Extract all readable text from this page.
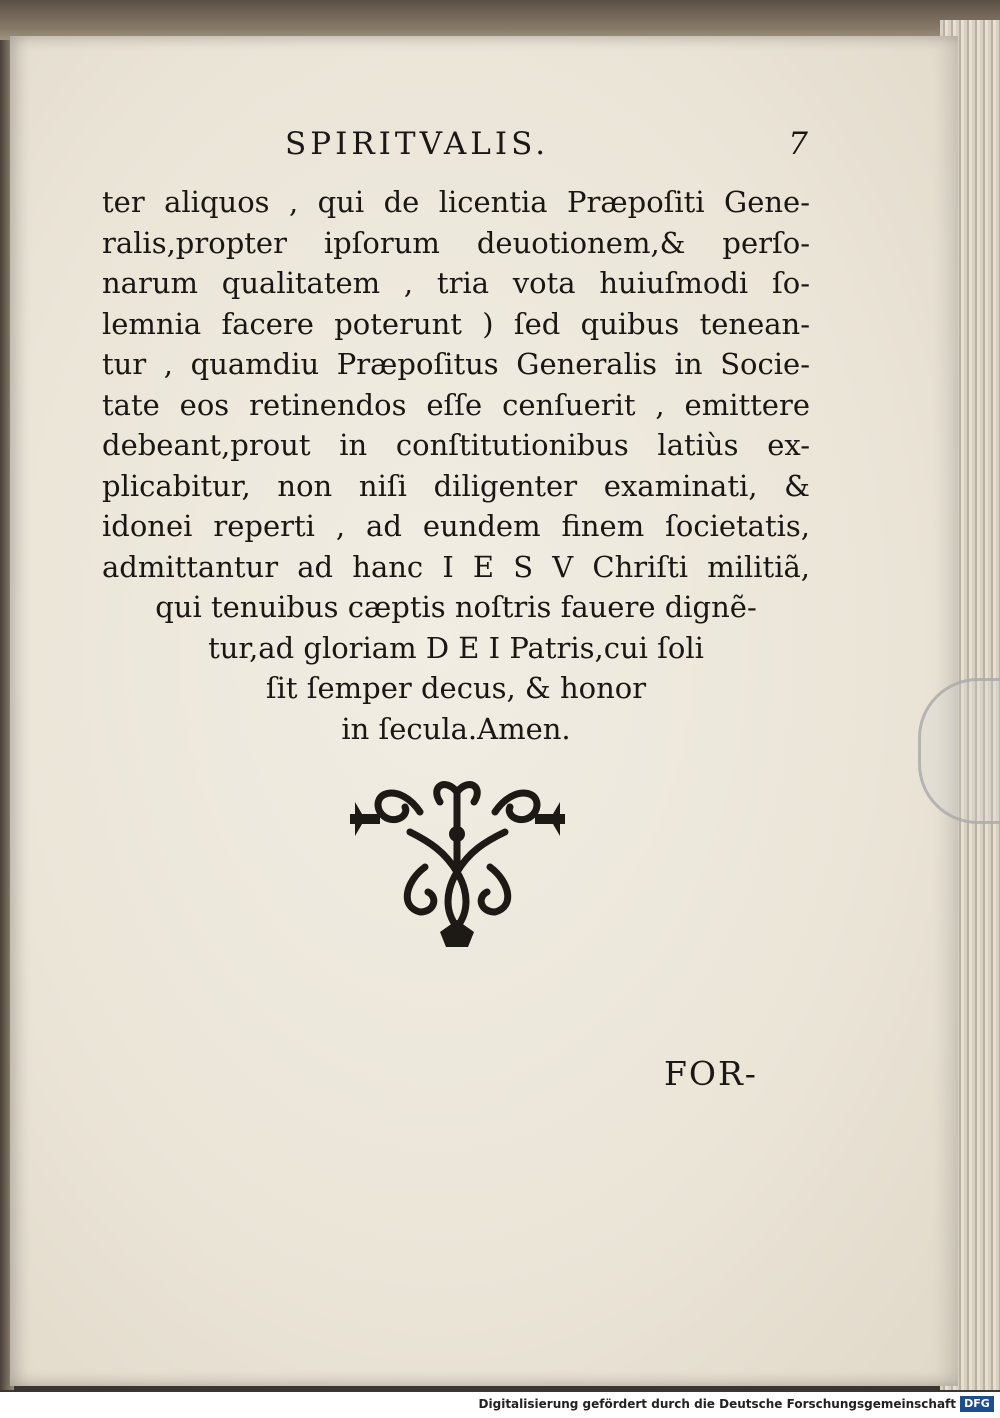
SPIRITVALIS.	7
ter aliquos , qui de licentia Præpoſiti Gene-
ralis,propter ipſorum deuotionem,& perſo-
narum qualitatem , tria vota huiuſmodi ſo-
lemnia facere poterunt ) ſed quibus tenean-
tur , quamdiu Præpoſitus Generalis in Socie-
tate eos retinendos eſſe cenſuerit , emittere
debeant,prout in conſtitutionibus latiùs ex-
plicabitur, non niſi diligenter examinati, &
idonei reperti , ad eundem finem ſocietatis,
admittantur ad hanc I E S V Chriſti militiã,
qui tenuibus cæptis noſtris fauere dignẽ-
tur,ad gloriam D E I Patris,cui ſoli
ſit ſemper decus, & honor
in ſecula.Amen.
FOR-
Digitalisierung gefördert durch die Deutsche Forschungsgemeinschaft DFG
